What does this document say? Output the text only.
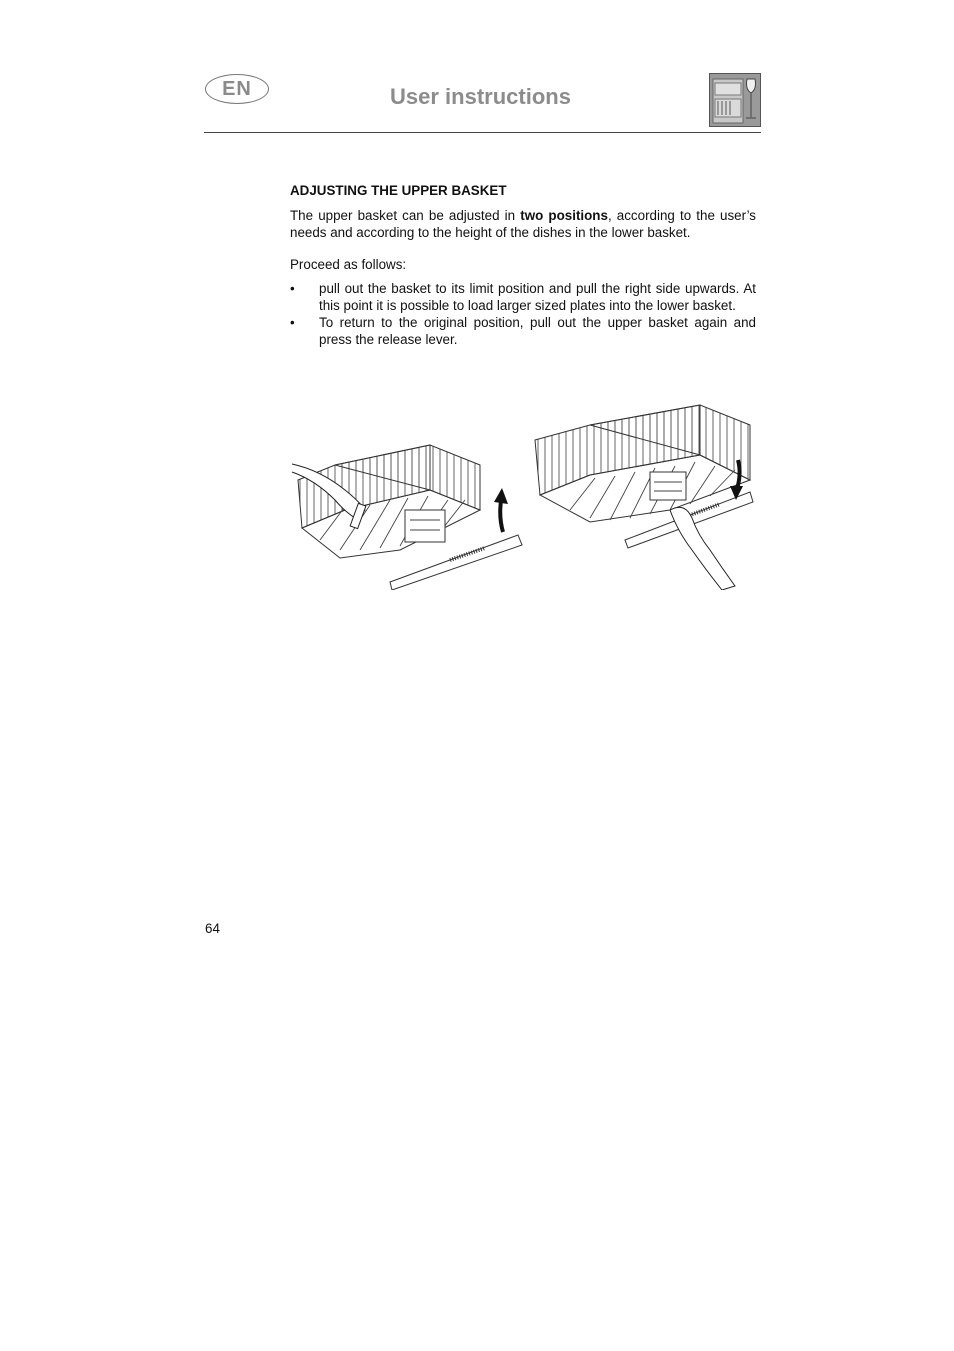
EN	User instructions
ADJUSTING THE UPPER BASKET

The upper basket can be adjusted in two positions, according to the user’s needs and according to the height of the dishes in the lower basket.

Proceed as follows:

• pull out the basket to its limit position and pull the right side upwards. At this point it is possible to load larger sized plates into the lower basket.
• To return to the original position, pull out the upper basket again and press the release lever.
64
